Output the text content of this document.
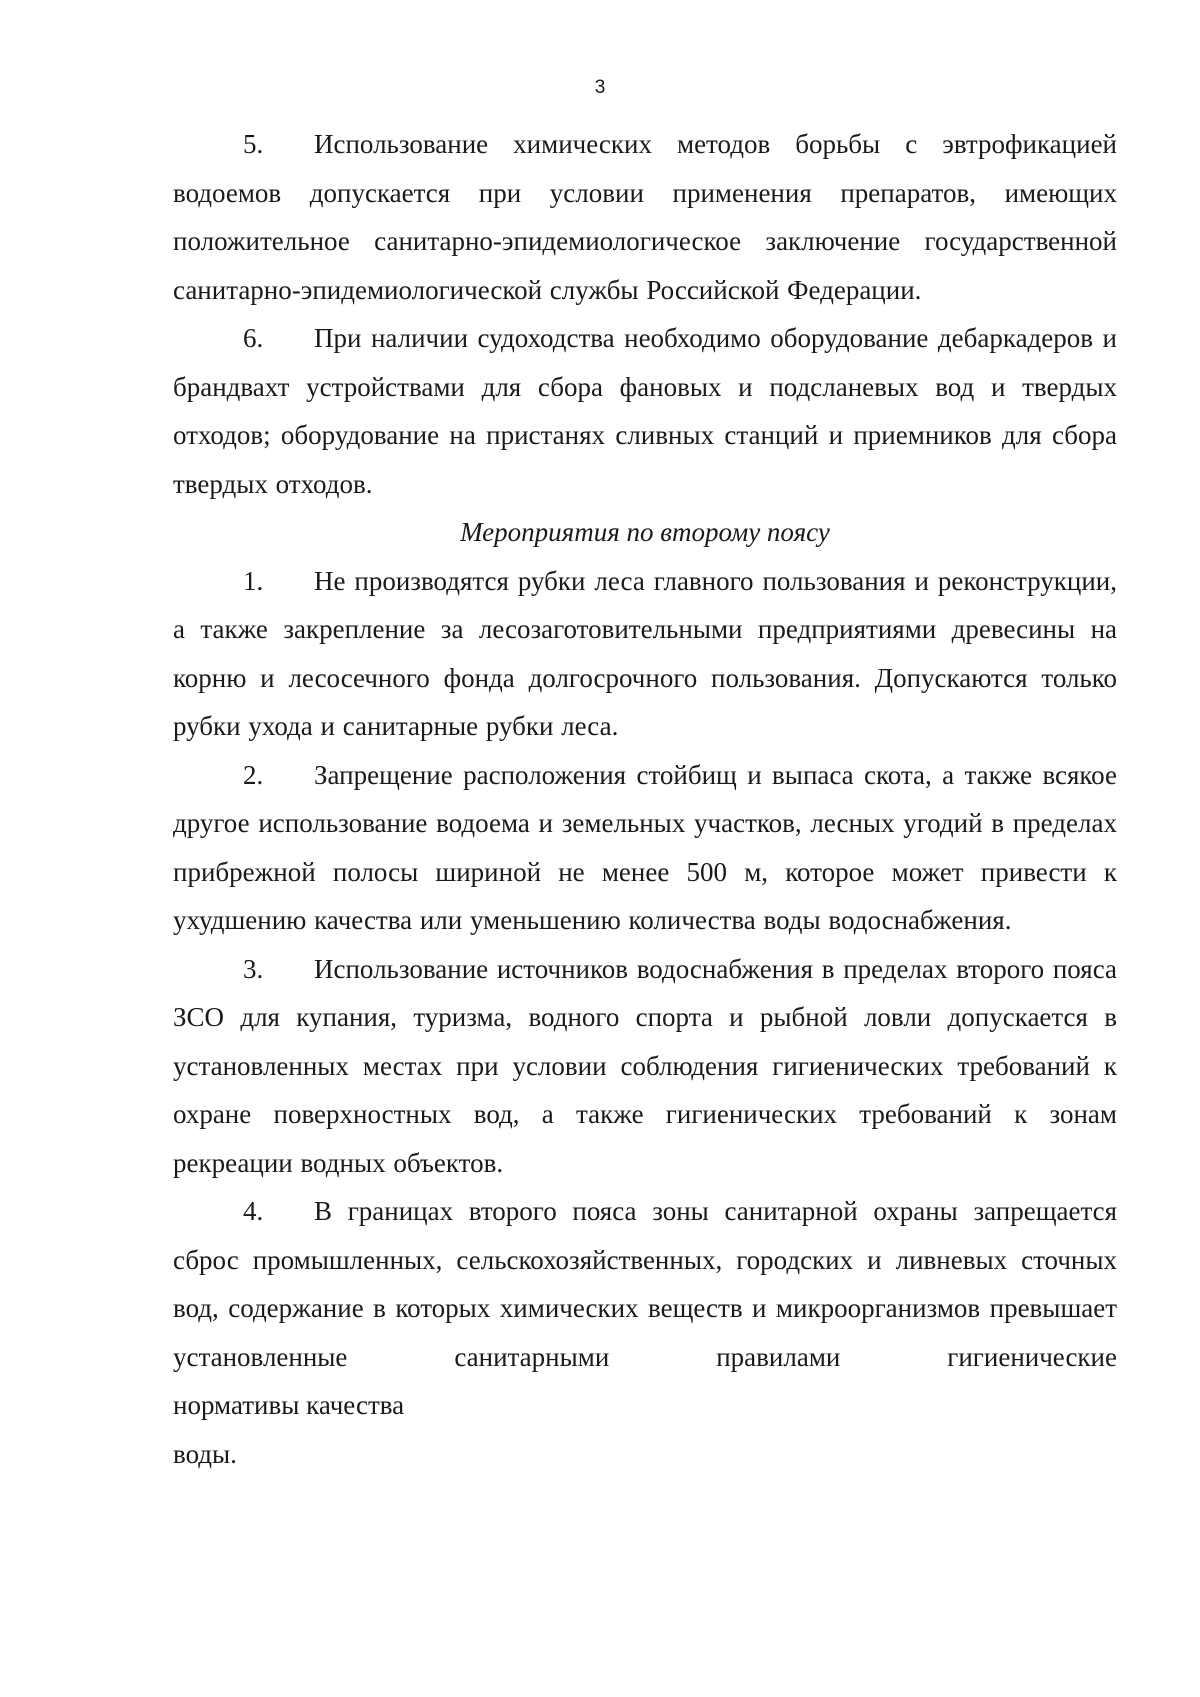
3

5. Использование химических методов борьбы с эвтрофикацией водоемов допускается при условии применения препаратов, имеющих положительное санитарно-эпидемиологическое заключение государственной санитарно-эпидемиологической службы Российской Федерации.

6. При наличии судоходства необходимо оборудование дебаркадеров и брандвахт устройствами для сбора фановых и подсланевых вод и твердых отходов; оборудование на пристанях сливных станций и приемников для сбора твердых отходов.

Мероприятия по второму поясу

1. Не производятся рубки леса главного пользования и реконструкции, а также закрепление за лесозаготовительными предприятиями древесины на корню и лесосечного фонда долгосрочного пользования. Допускаются только рубки ухода и санитарные рубки леса.

2. Запрещение расположения стойбищ и выпаса скота, а также всякое другое использование водоема и земельных участков, лесных угодий в пределах прибрежной полосы шириной не менее 500 м, которое может привести к ухудшению качества или уменьшению количества воды водоснабжения.

3. Использование источников водоснабжения в пределах второго пояса ЗСО для купания, туризма, водного спорта и рыбной ловли допускается в установленных местах при условии соблюдения гигиенических требований к охране поверхностных вод, а также гигиенических требований к зонам рекреации водных объектов.

4. В границах второго пояса зоны санитарной охраны запрещается сброс промышленных, сельскохозяйственных, городских и ливневых сточных вод, содержание в которых химических веществ и микроорганизмов превышает установленные санитарными правилами гигиенические

нормативы качества

воды.
